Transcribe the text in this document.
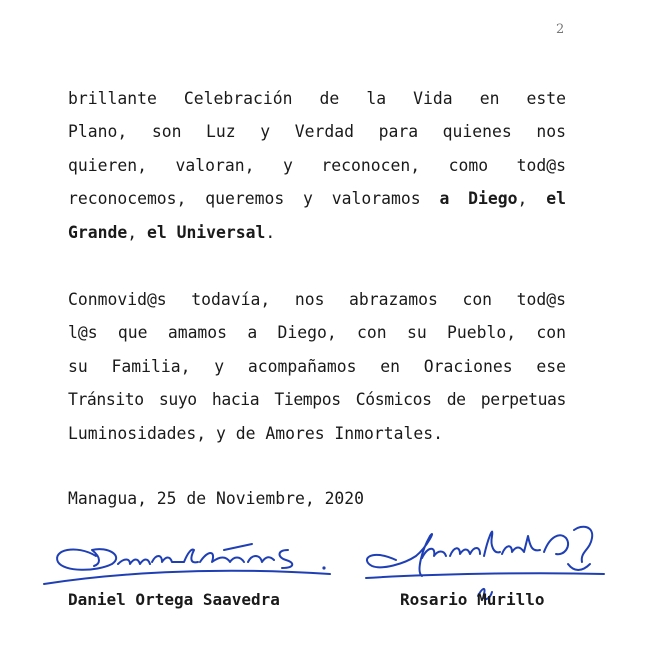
2

brillante Celebración de la Vida en este
Plano, son Luz y Verdad para quienes nos
quieren, valoran, y reconocen, como tod@s
reconocemos, queremos y valoramos a Diego, el
Grande, el Universal.

Conmovid@s todavía, nos abrazamos con tod@s
l@s que amamos a Diego, con su Pueblo, con
su Familia, y acompañamos en Oraciones ese
Tránsito suyo hacia Tiempos Cósmicos de perpetuas
Luminosidades, y de Amores Inmortales.

Managua, 25 de Noviembre, 2020
Daniel Ortega Saavedra	Rosario Murillo
